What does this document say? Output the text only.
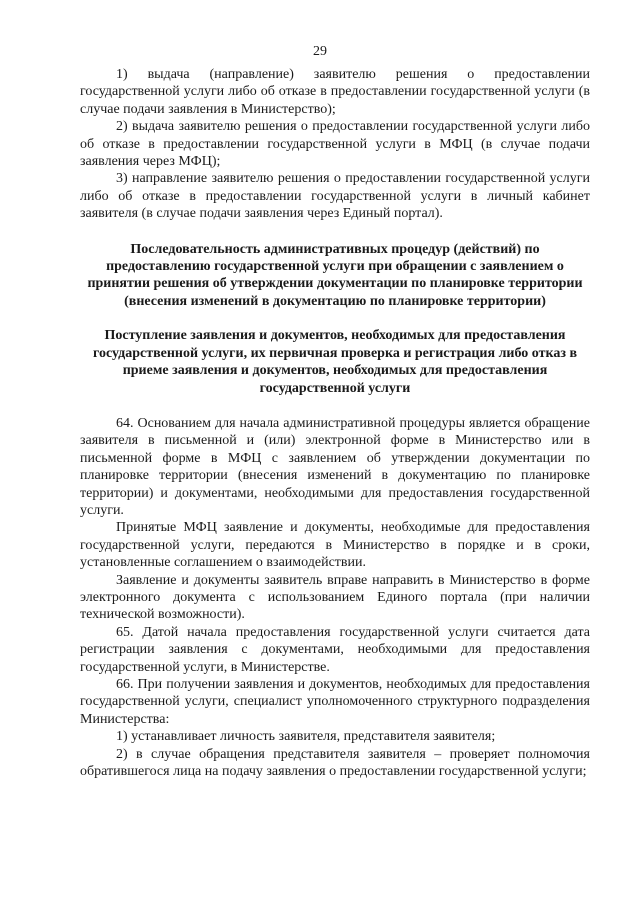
29

1) выдача (направление) заявителю решения о предоставлении государственной услуги либо об отказе в предоставлении государственной услуги (в случае подачи заявления в Министерство);

2) выдача заявителю решения о предоставлении государственной услуги либо об отказе в предоставлении государственной услуги в МФЦ (в случае подачи заявления через МФЦ);

3) направление заявителю решения о предоставлении государственной услуги либо об отказе в предоставлении государственной услуги в личный кабинет заявителя (в случае подачи заявления через Единый портал).

Последовательность административных процедур (действий) по предоставлению государственной услуги при обращении с заявлением о принятии решения об утверждении документации по планировке территории (внесения изменений в документацию по планировке территории)
Поступление заявления и документов, необходимых для предоставления государственной услуги, их первичная проверка и регистрация либо отказ в приеме заявления и документов, необходимых для предоставления государственной услуги

64. Основанием для начала административной процедуры является обращение заявителя в письменной и (или) электронной форме в Министерство или в письменной форме в МФЦ с заявлением об утверждении документации по планировке территории (внесения изменений в документацию по планировке территории) и документами, необходимыми для предоставления государственной услуги.

Принятые МФЦ заявление и документы, необходимые для предоставления государственной услуги, передаются в Министерство в порядке и в сроки, установленные соглашением о взаимодействии.

Заявление и документы заявитель вправе направить в Министерство в форме электронного документа с использованием Единого портала (при наличии технической возможности).

65. Датой начала предоставления государственной услуги считается дата регистрации заявления с документами, необходимыми для предоставления государственной услуги, в Министерстве.

66. При получении заявления и документов, необходимых для предоставления государственной услуги, специалист уполномоченного структурного подразделения Министерства:

1) устанавливает личность заявителя, представителя заявителя;

2) в случае обращения представителя заявителя – проверяет полномочия обратившегося лица на подачу заявления о предоставлении государственной услуги;
